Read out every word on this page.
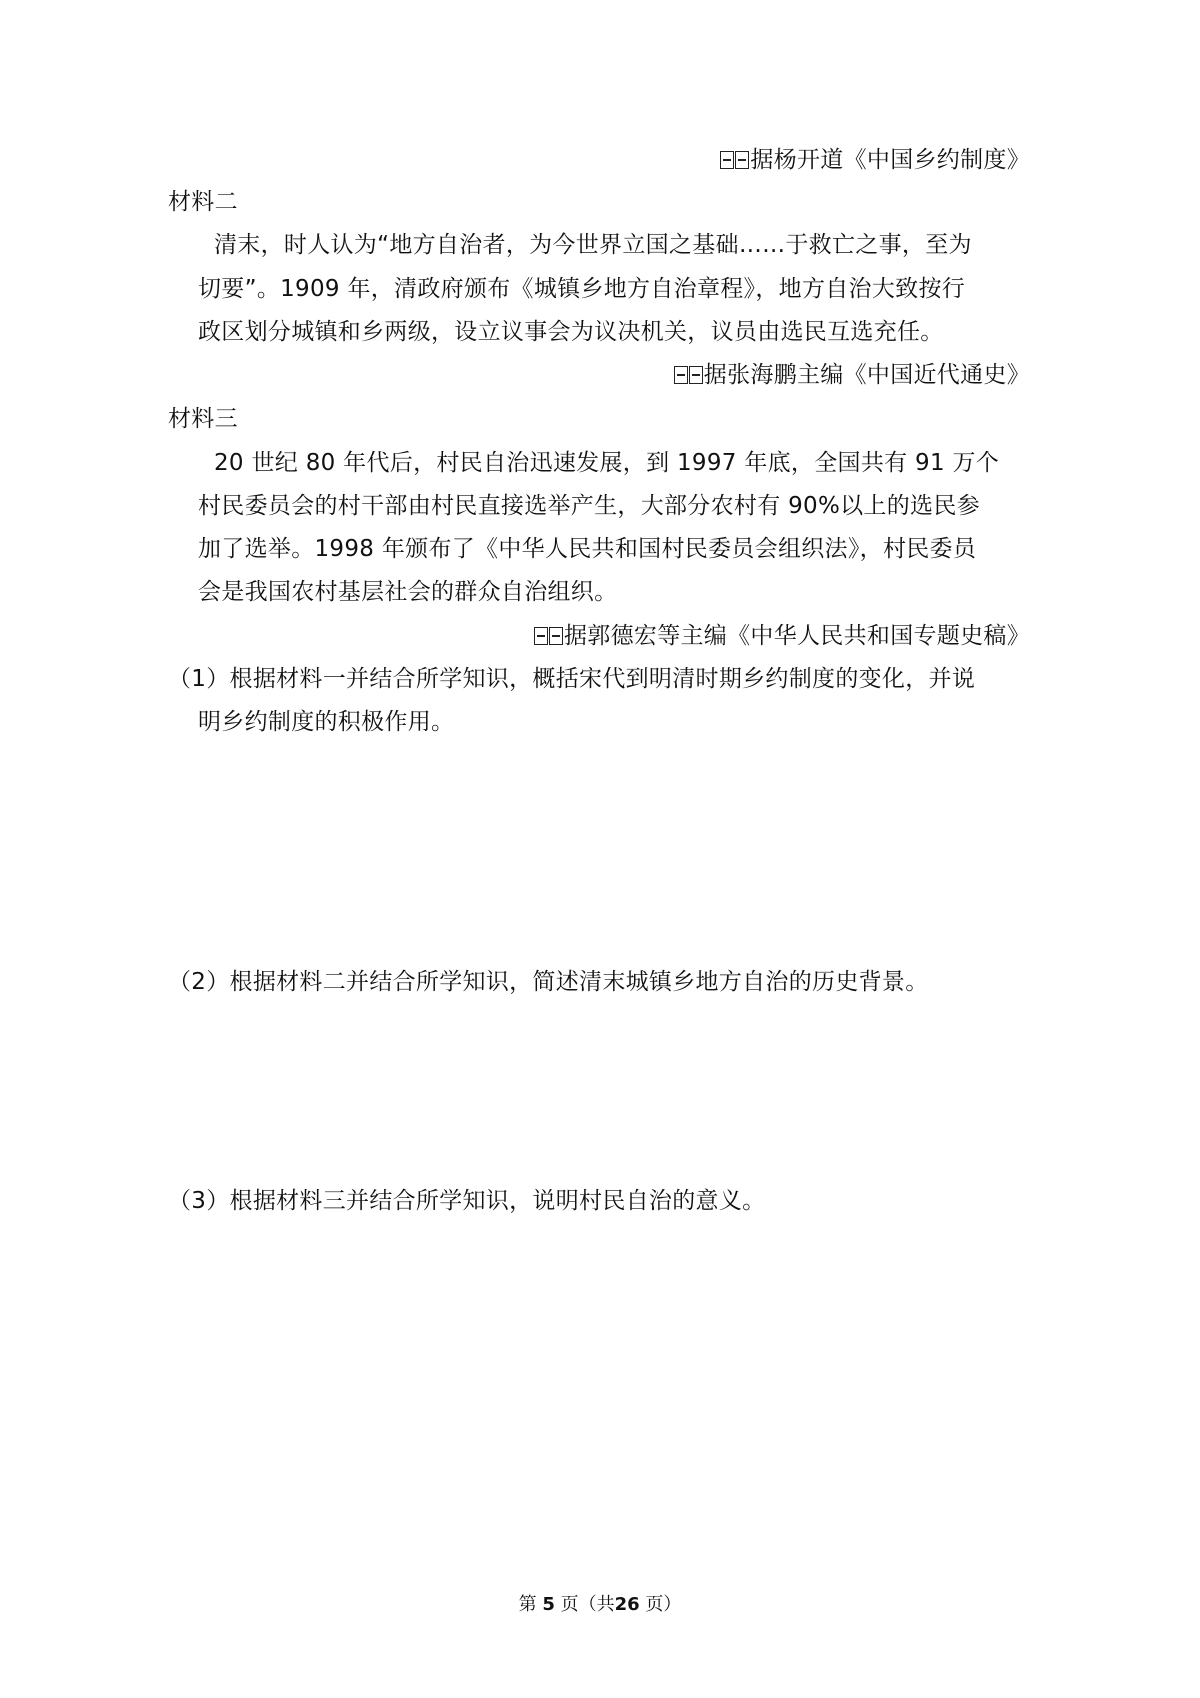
据杨开道《中国乡约制度》
材料二
清末，时人认为“地方自治者，为今世界立国之基础……于救亡之事，至为
切要”。1909 年，清政府颁布《城镇乡地方自治章程》，地方自治大致按行
政区划分城镇和乡两级，设立议事会为议决机关，议员由选民互选充任。
据张海鹏主编《中国近代通史》
材料三
20 世纪 80 年代后，村民自治迅速发展，到 1997 年底，全国共有 91 万个
村民委员会的村干部由村民直接选举产生，大部分农村有 90%以上的选民参
加了选举。1998 年颁布了《中华人民共和国村民委员会组织法》，村民委员
会是我国农村基层社会的群众自治组织。
据郭德宏等主编《中华人民共和国专题史稿》
（1）根据材料一并结合所学知识，概括宋代到明清时期乡约制度的变化，并说
明乡约制度的积极作用。
（2）根据材料二并结合所学知识，简述清末城镇乡地方自治的历史背景。
（3）根据材料三并结合所学知识，说明村民自治的意义。
第 5 页（共26 页）
